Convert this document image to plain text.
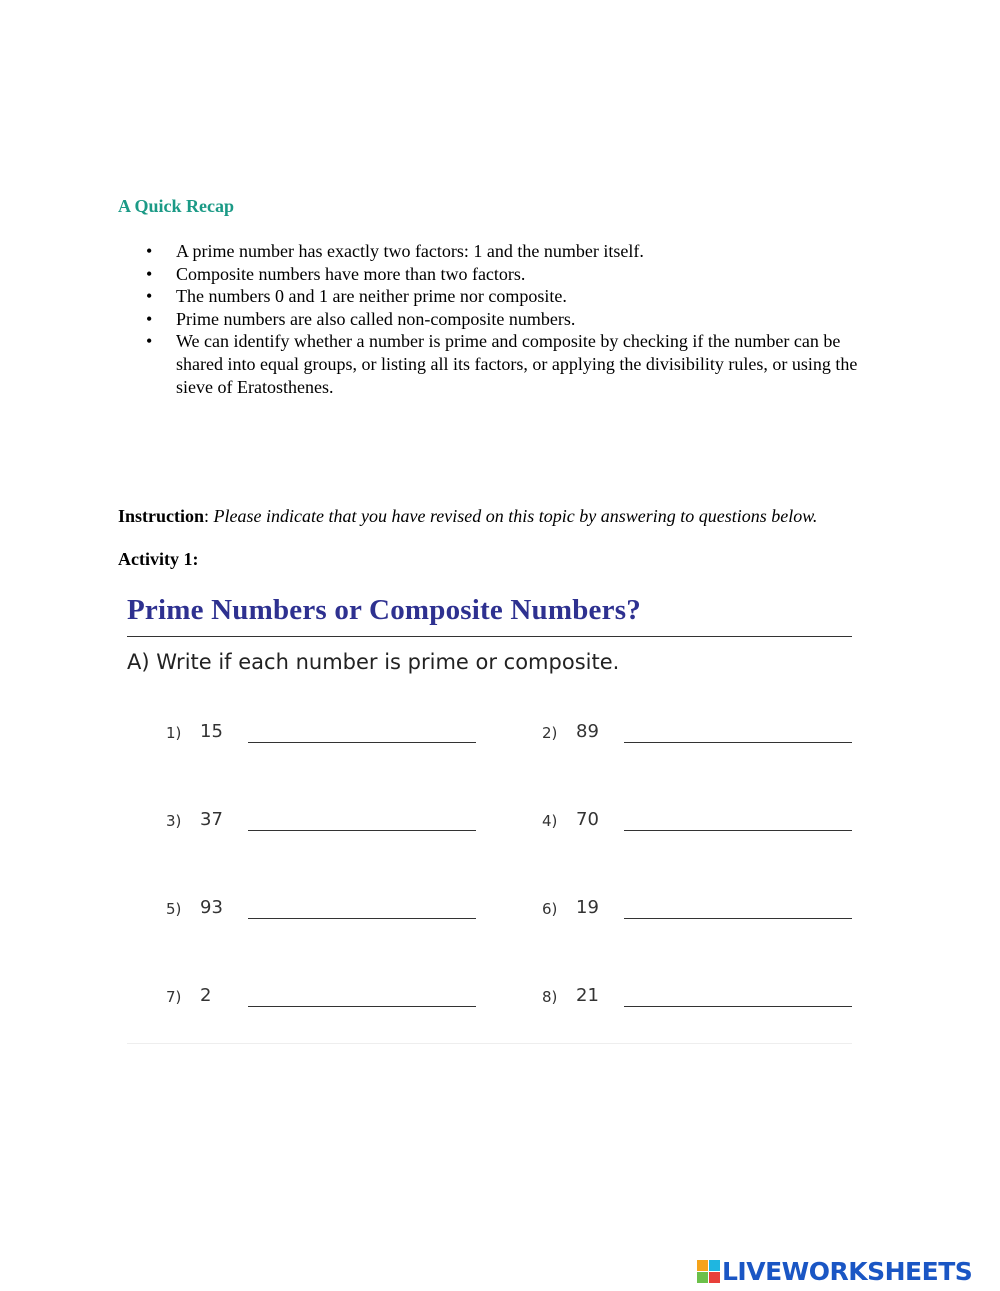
A Quick Recap
• A prime number has exactly two factors: 1 and the number itself.
• Composite numbers have more than two factors.
• The numbers 0 and 1 are neither prime nor composite.
• Prime numbers are also called non-composite numbers.
• We can identify whether a number is prime and composite by checking if the number can be shared into equal groups, or listing all its factors, or applying the divisibility rules, or using the sieve of Eratosthenes.

Instruction: Please indicate that you have revised on this topic by answering to questions below.

Activity 1:

Prime Numbers or Composite Numbers?

A) Write if each number is prime or composite.

1) 15	2) 89
3) 37	4) 70
5) 93	6) 19
7) 2	8) 21
LIVEWORKSHEETS
